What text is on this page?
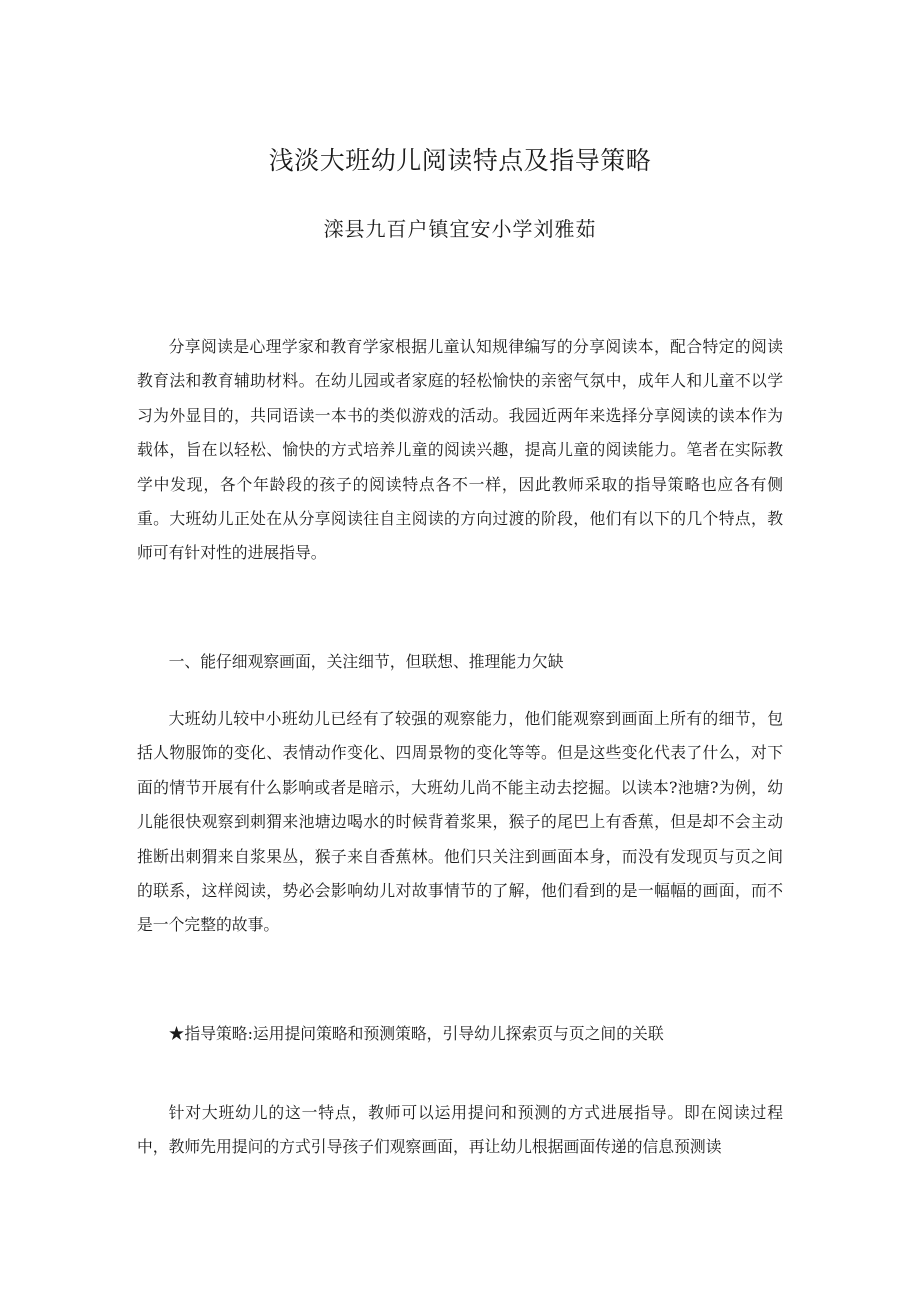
浅淡大班幼儿阅读特点及指导策略
滦县九百户镇宜安小学刘雅茹

分享阅读是心理学家和教育学家根据儿童认知规律编写的分享阅读本，配合特定的阅读教育法和教育辅助材料。在幼儿园或者家庭的轻松愉快的亲密气氛中，成年人和儿童不以学习为外显目的，共同语读一本书的类似游戏的活动。我园近两年来选择分享阅读的读本作为载体，旨在以轻松、愉快的方式培养儿童的阅读兴趣，提高儿童的阅读能力。笔者在实际教学中发现，各个年龄段的孩子的阅读特点各不一样，因此教师采取的指导策略也应各有侧重。大班幼儿正处在从分享阅读往自主阅读的方向过渡的阶段，他们有以下的几个特点，教师可有针对性的进展指导。

一、能仔细观察画面，关注细节，但联想、推理能力欠缺

大班幼儿较中小班幼儿已经有了较强的观察能力，他们能观察到画面上所有的细节，包括人物服饰的变化、表情动作变化、四周景物的变化等等。但是这些变化代表了什么，对下面的情节开展有什么影响或者是暗示，大班幼儿尚不能主动去挖掘。以读本?池塘?为例，幼儿能很快观察到刺猬来池塘边喝水的时候背着浆果，猴子的尾巴上有香蕉，但是却不会主动推断出刺猬来自浆果丛，猴子来自香蕉林。他们只关注到画面本身，而没有发现页与页之间的联系，这样阅读，势必会影响幼儿对故事情节的了解，他们看到的是一幅幅的画面，而不是一个完整的故事。

★指导策略:运用提问策略和预测策略，引导幼儿探索页与页之间的关联

针对大班幼儿的这一特点，教师可以运用提问和预测的方式进展指导。即在阅读过程中，教师先用提问的方式引导孩子们观察画面，再让幼儿根据画面传递的信息预测读
